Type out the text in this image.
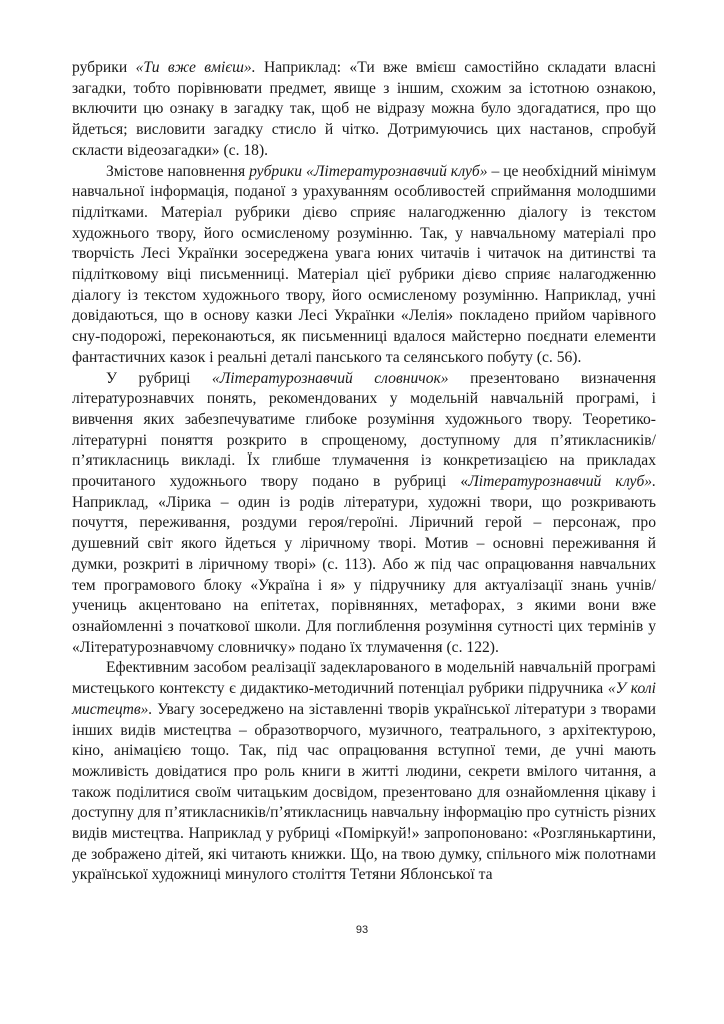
рубрики «Ти вже вмієш». Наприклад: «Ти вже вмієш самостійно складати власні загадки, тобто порівнювати предмет, явище з іншим, схожим за істотною ознакою, включити цю ознаку в загадку так, щоб не відразу можна було здогадатися, про що йдеться; висловити загадку стисло й чітко. Дотримуючись цих настанов, спробуй скласти відеозагадки» (с. 18).

Змістове наповнення рубрики «Літературознавчий клуб» – це необхідний мінімум навчальної інформація, поданої з урахуванням особливостей сприймання молодшими підлітками. Матеріал рубрики дієво сприяє налагодженню діалогу із текстом художнього твору, його осмисленому розумінню. Так, у навчальному матеріалі про творчість Лесі Українки зосереджена увага юних читачів і читачок на дитинстві та підлітковому віці письменниці. Матеріал цієї рубрики дієво сприяє налагодженню діалогу із текстом художнього твору, його осмисленому розумінню. Наприклад, учні довідаються, що в основу казки Лесі Українки «Лелія» покладено прийом чарівного сну-подорожі, переконаються, як письменниці вдалося майстерно поєднати елементи фантастичних казок і реальні деталі панського та селянського побуту (с. 56).

У рубриці «Літературознавчий словничок» презентовано визначення літературознавчих понять, рекомендованих у модельній навчальній програмі, і вивчення яких забезпечуватиме глибоке розуміння художнього твору. Теоретико-літературні поняття розкрито в спрощеному, доступному для п’ятикласників/п’ятикласниць викладі. Їх глибше тлумачення із конкретизацією на прикладах прочитаного художнього твору подано в рубриці «Літературознавчий клуб». Наприклад, «Лірика – один із родів літератури, художні твори, що розкривають почуття, переживання, роздуми героя/героїні. Ліричний герой – персонаж, про душевний світ якого йдеться у ліричному творі. Мотив – основні переживання й думки, розкриті в ліричному творі» (с. 113). Або ж під час опрацювання навчальних тем програмового блоку «Україна і я» у підручнику для актуалізації знань учнів/учениць акцентовано на епітетах, порівняннях, метафорах, з якими вони вже ознайомленні з початкової школи. Для поглиблення розуміння сутності цих термінів у «Літературознавчому словничку» подано їх тлумачення (с. 122).

Ефективним засобом реалізації задекларованого в модельній навчальній програмі мистецького контексту є дидактико-методичний потенціал рубрики підручника «У колі мистецтв». Увагу зосереджено на зіставленні творів української літератури з творами інших видів мистецтва – образотворчого, музичного, театрального, з архітектурою, кіно, анімацією тощо. Так, під час опрацювання вступної теми, де учні мають можливість довідатися про роль книги в житті людини, секрети вмілого читання, а також поділитися своїм читацьким досвідом, презентовано для ознайомлення цікаву і доступну для п’ятикласників/п’ятикласниць навчальну інформацію про сутність різних видів мистецтва. Наприклад у рубриці «Поміркуй!» запропоновано: «Розглянькартини, де зображено дітей, які читають книжки. Що, на твою думку, спільного між полотнами української художниці минулого століття Тетяни Яблонської та

93
